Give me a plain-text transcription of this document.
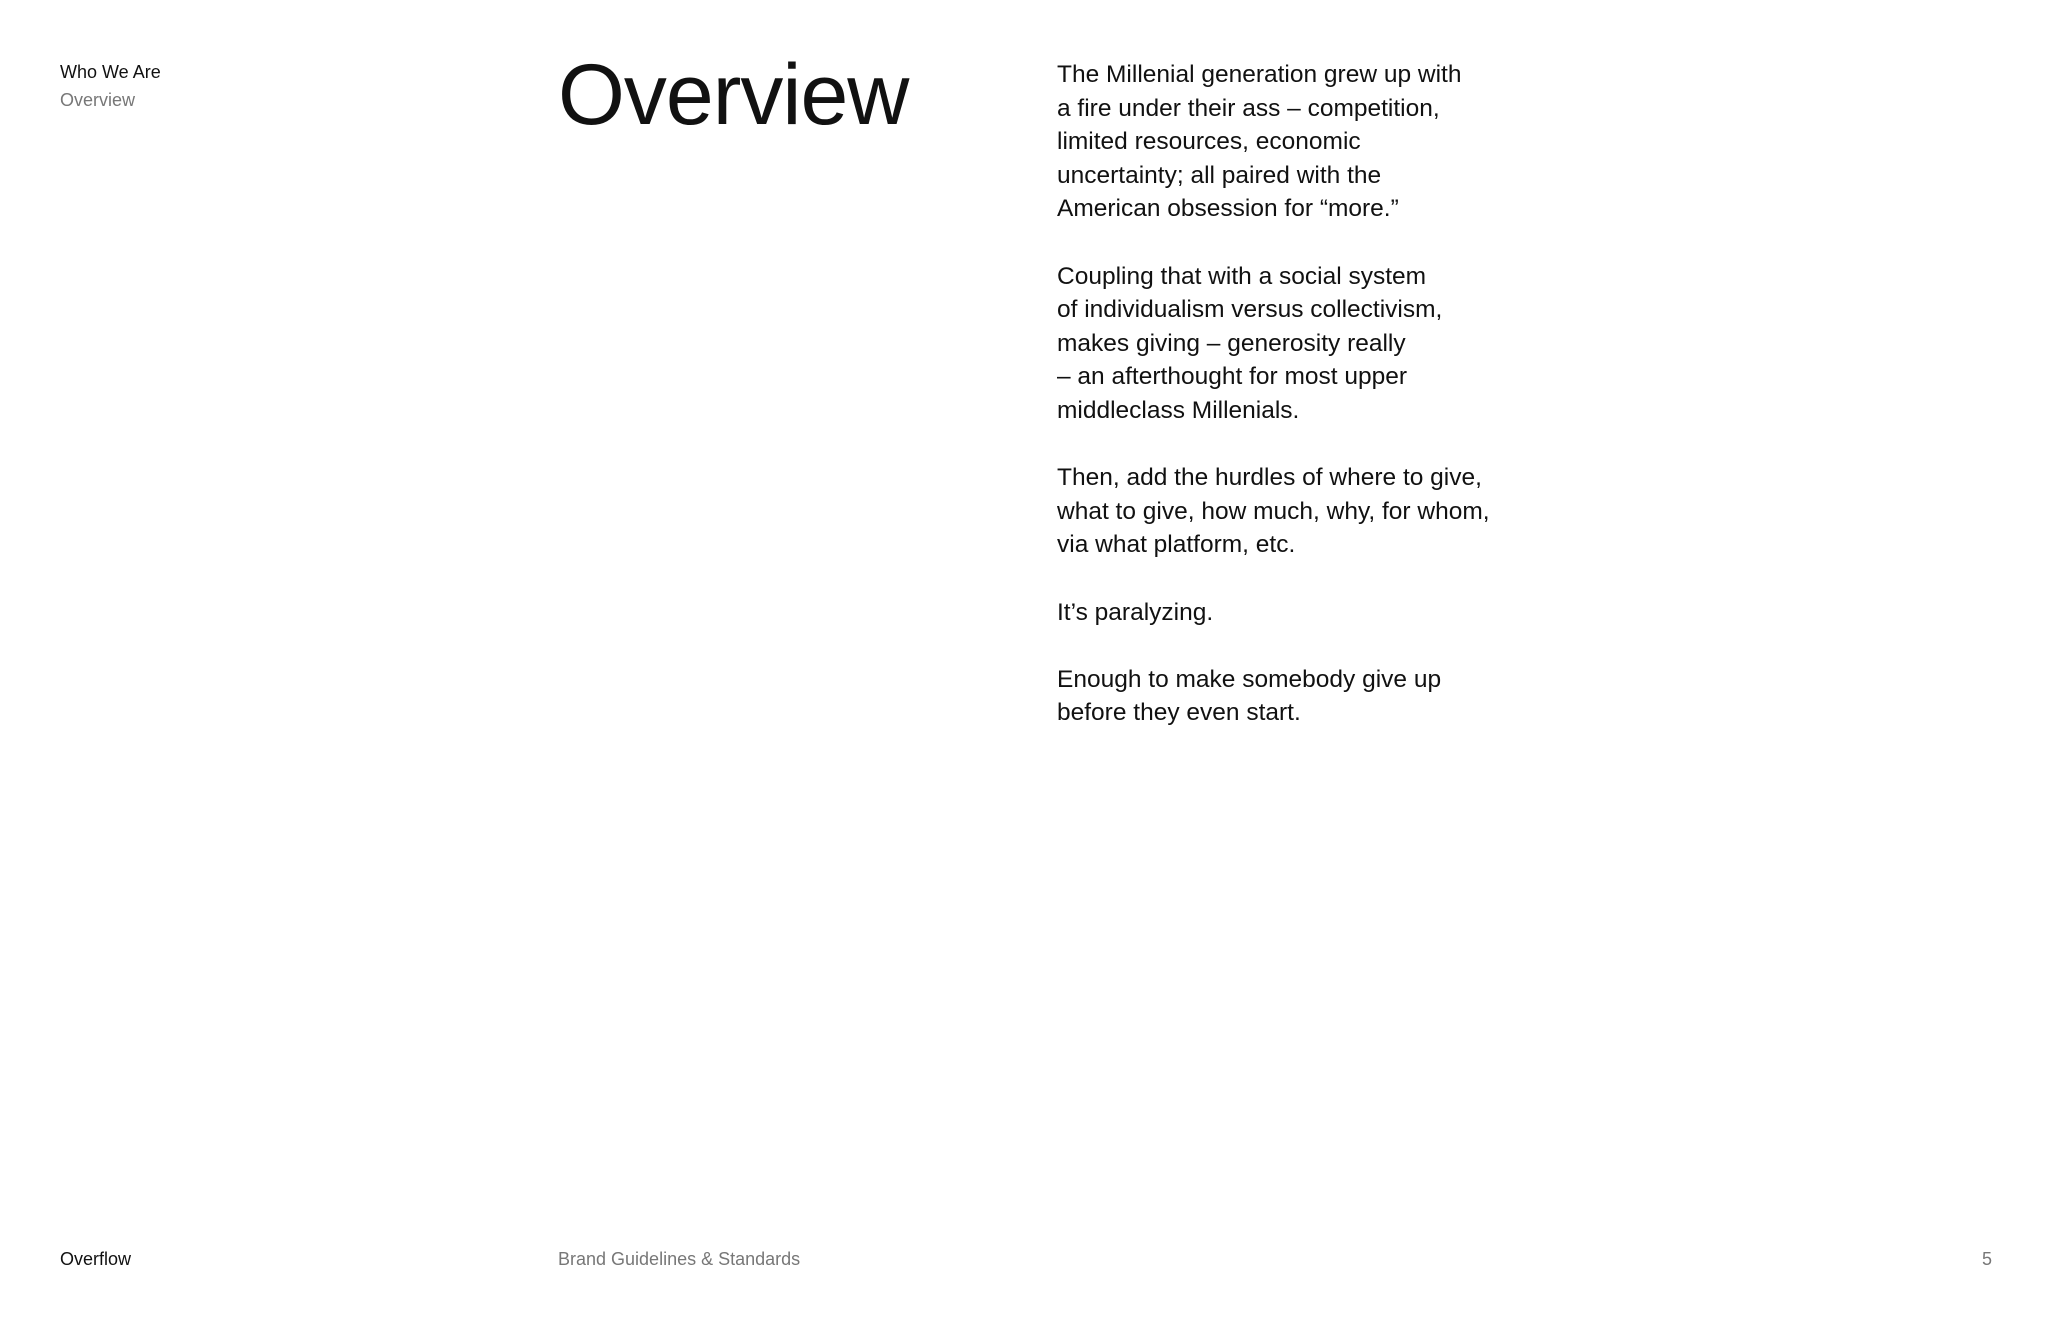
Who We Are
Overview	Overview	The Millenial generation grew up with
a fire under their ass – competition,
limited resources, economic
uncertainty; all paired with the
American obsession for “more.”

Coupling that with a social system
of individualism versus collectivism,
makes giving – generosity really
– an afterthought for most upper
middleclass Millenials.

Then, add the hurdles of where to give,
what to give, how much, why, for whom,
via what platform, etc.

It’s paralyzing.

Enough to make somebody give up
before they even start.

Overflow	Brand Guidelines & Standards	5
